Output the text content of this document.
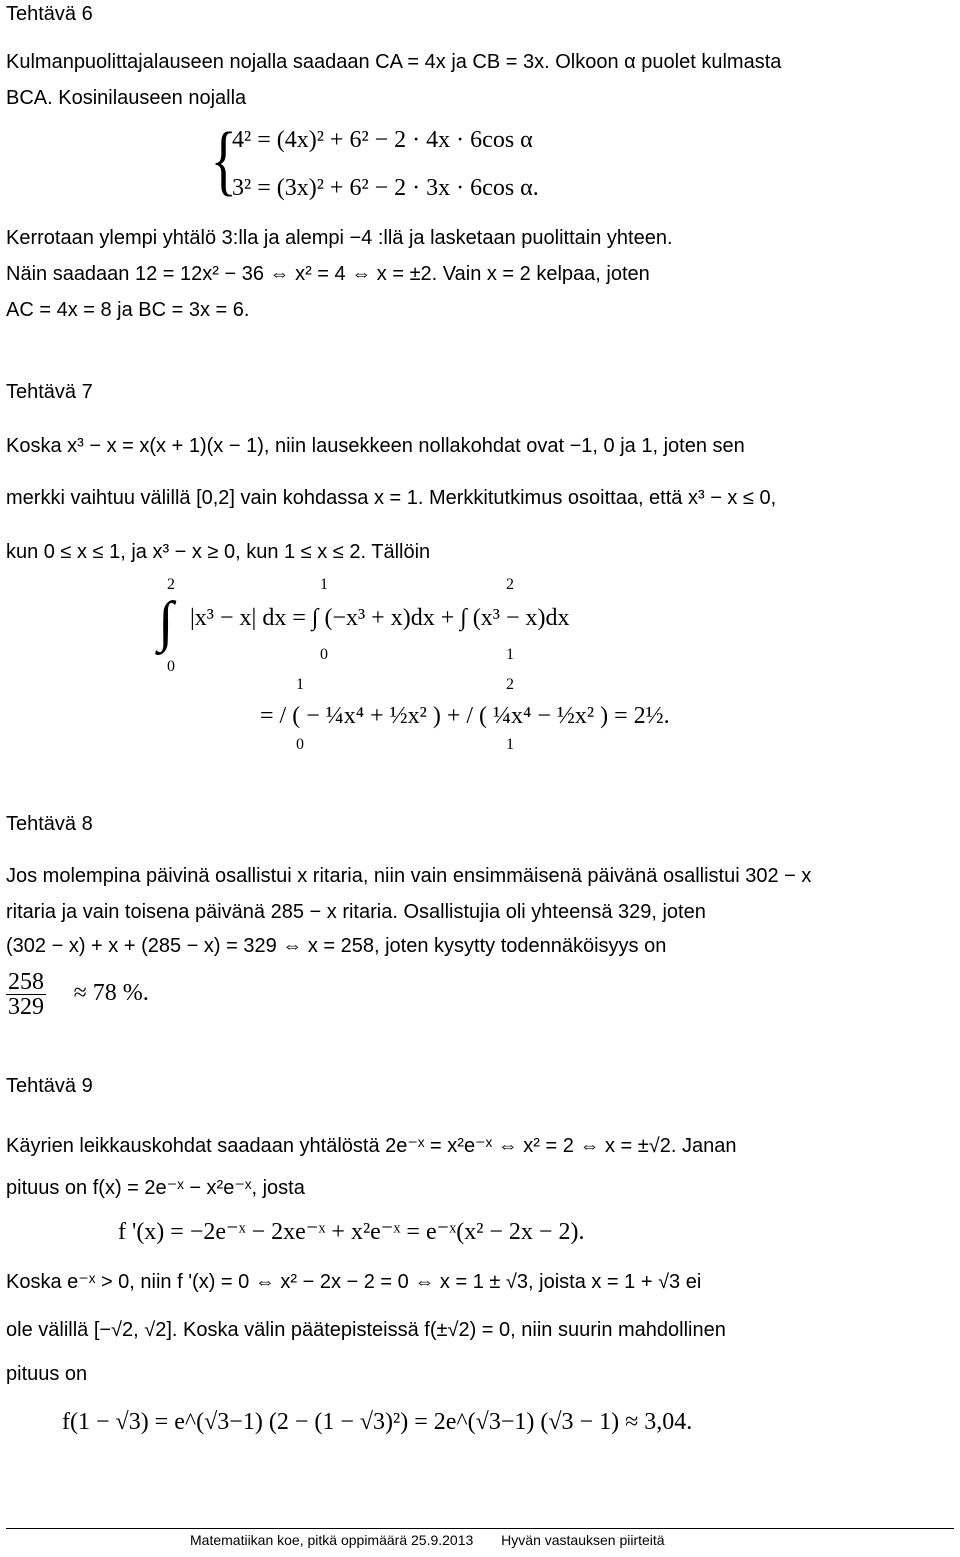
Tehtävä 6
Kulmanpuolittajalauseen nojalla saadaan CA = 4x ja CB = 3x. Olkoon α puolet kulmasta
BCA. Kosinilauseen nojalla
{
4² = (4x)² + 6² − 2 · 4x · 6cos α
3² = (3x)² + 6² − 2 · 3x · 6cos α.
Kerrotaan ylempi yhtälö 3:lla ja alempi −4 :llä ja lasketaan puolittain yhteen.
Näin saadaan 12 = 12x² − 36 ⇔ x² = 4 ⇔ x = ±2. Vain x = 2 kelpaa, joten
AC = 4x = 8 ja BC = 3x = 6.
Tehtävä 7
Koska x³ − x = x(x + 1)(x − 1), niin lausekkeen nollakohdat ovat −1, 0 ja 1, joten sen
merkki vaihtuu välillä [0,2] vain kohdassa x = 1. Merkkitutkimus osoittaa, että x³ − x ≤ 0,
kun 0 ≤ x ≤ 1, ja x³ − x ≥ 0, kun 1 ≤ x ≤ 2. Tällöin
∫
2
0
1
0
2
1
|x³ − x| dx = ∫ (−x³ + x)dx + ∫ (x³ − x)dx
1
0
2
1
= / ( − ¼x⁴ + ½x² ) + / ( ¼x⁴ − ½x² ) = 2½.
Tehtävä 8
Jos molempina päivinä osallistui x ritaria, niin vain ensimmäisenä päivänä osallistui 302 − x
ritaria ja vain toisena päivänä 285 − x ritaria. Osallistujia oli yhteensä 329, joten
(302 − x) + x + (285 − x) = 329 ⇔ x = 258, joten kysytty todennäköisyys on
$\frac{258}{329} \approx 78$ %.
Tehtävä 9
Käyrien leikkauskohdat saadaan yhtälöstä 2e⁻ˣ = x²e⁻ˣ ⇔ x² = 2 ⇔ x = ±√2. Janan
pituus on f(x) = 2e⁻ˣ − x²e⁻ˣ, josta
f '(x) = −2e⁻ˣ − 2xe⁻ˣ + x²e⁻ˣ = e⁻ˣ(x² − 2x − 2).
Koska e⁻ˣ > 0, niin f '(x) = 0 ⇔ x² − 2x − 2 = 0 ⇔ x = 1 ± √3, joista x = 1 + √3 ei
ole välillä [−√2, √2]. Koska välin päätepisteissä f(±√2) = 0, niin suurin mahdollinen
pituus on
f(1 − √3) = e^(√3−1) (2 − (1 − √3)²) = 2e^(√3−1) (√3 − 1) ≈ 3,04.
Matematiikan koe, pitkä oppimäärä 25.9.2013 Hyvän vastauksen piirteitä
